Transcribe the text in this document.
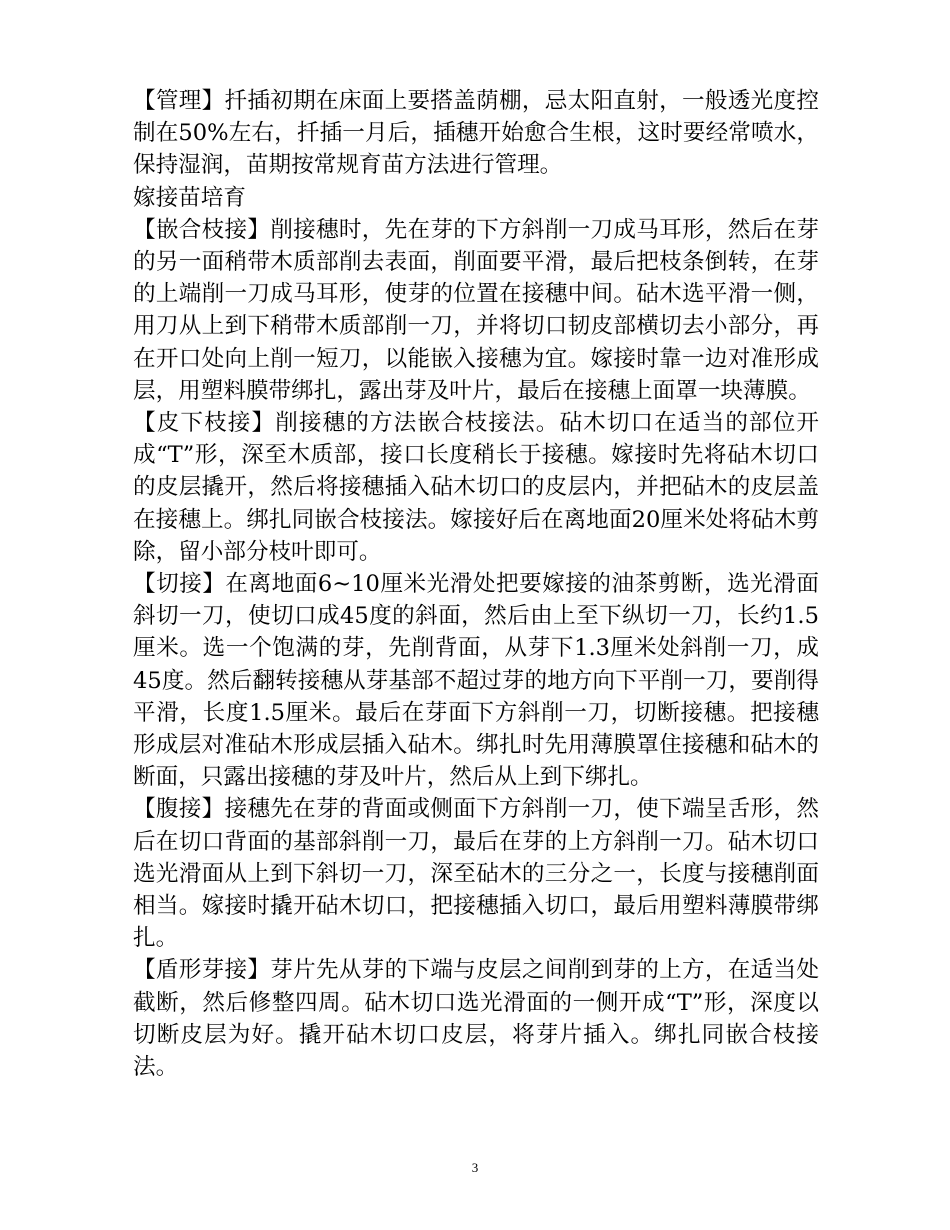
【管理】扦插初期在床面上要搭盖荫棚，忌太阳直射，一般透光度控制在50%左右，扦插一月后，插穗开始愈合生根，这时要经常喷水，保持湿润，苗期按常规育苗方法进行管理。

嫁接苗培育

【嵌合枝接】削接穗时，先在芽的下方斜削一刀成马耳形，然后在芽的另一面稍带木质部削去表面，削面要平滑，最后把枝条倒转，在芽的上端削一刀成马耳形，使芽的位置在接穗中间。砧木选平滑一侧，用刀从上到下稍带木质部削一刀，并将切口韧皮部横切去小部分，再在开口处向上削一短刀，以能嵌入接穗为宜。嫁接时靠一边对准形成层，用塑料膜带绑扎，露出芽及叶片，最后在接穗上面罩一块薄膜。

【皮下枝接】削接穗的方法嵌合枝接法。砧木切口在适当的部位开成“T”形，深至木质部，接口长度稍长于接穗。嫁接时先将砧木切口的皮层撬开，然后将接穗插入砧木切口的皮层内，并把砧木的皮层盖在接穗上。绑扎同嵌合枝接法。嫁接好后在离地面20厘米处将砧木剪除，留小部分枝叶即可。

【切接】在离地面6~10厘米光滑处把要嫁接的油茶剪断，选光滑面斜切一刀，使切口成45度的斜面，然后由上至下纵切一刀，长约1.5厘米。选一个饱满的芽，先削背面，从芽下1.3厘米处斜削一刀，成45度。然后翻转接穗从芽基部不超过芽的地方向下平削一刀，要削得平滑，长度1.5厘米。最后在芽面下方斜削一刀，切断接穗。把接穗形成层对准砧木形成层插入砧木。绑扎时先用薄膜罩住接穗和砧木的断面，只露出接穗的芽及叶片，然后从上到下绑扎。

【腹接】接穗先在芽的背面或侧面下方斜削一刀，使下端呈舌形，然后在切口背面的基部斜削一刀，最后在芽的上方斜削一刀。砧木切口选光滑面从上到下斜切一刀，深至砧木的三分之一，长度与接穗削面相当。嫁接时撬开砧木切口，把接穗插入切口，最后用塑料薄膜带绑扎。

【盾形芽接】芽片先从芽的下端与皮层之间削到芽的上方，在适当处截断，然后修整四周。砧木切口选光滑面的一侧开成“T”形，深度以切断皮层为好。撬开砧木切口皮层，将芽片插入。绑扎同嵌合枝接法。

3
